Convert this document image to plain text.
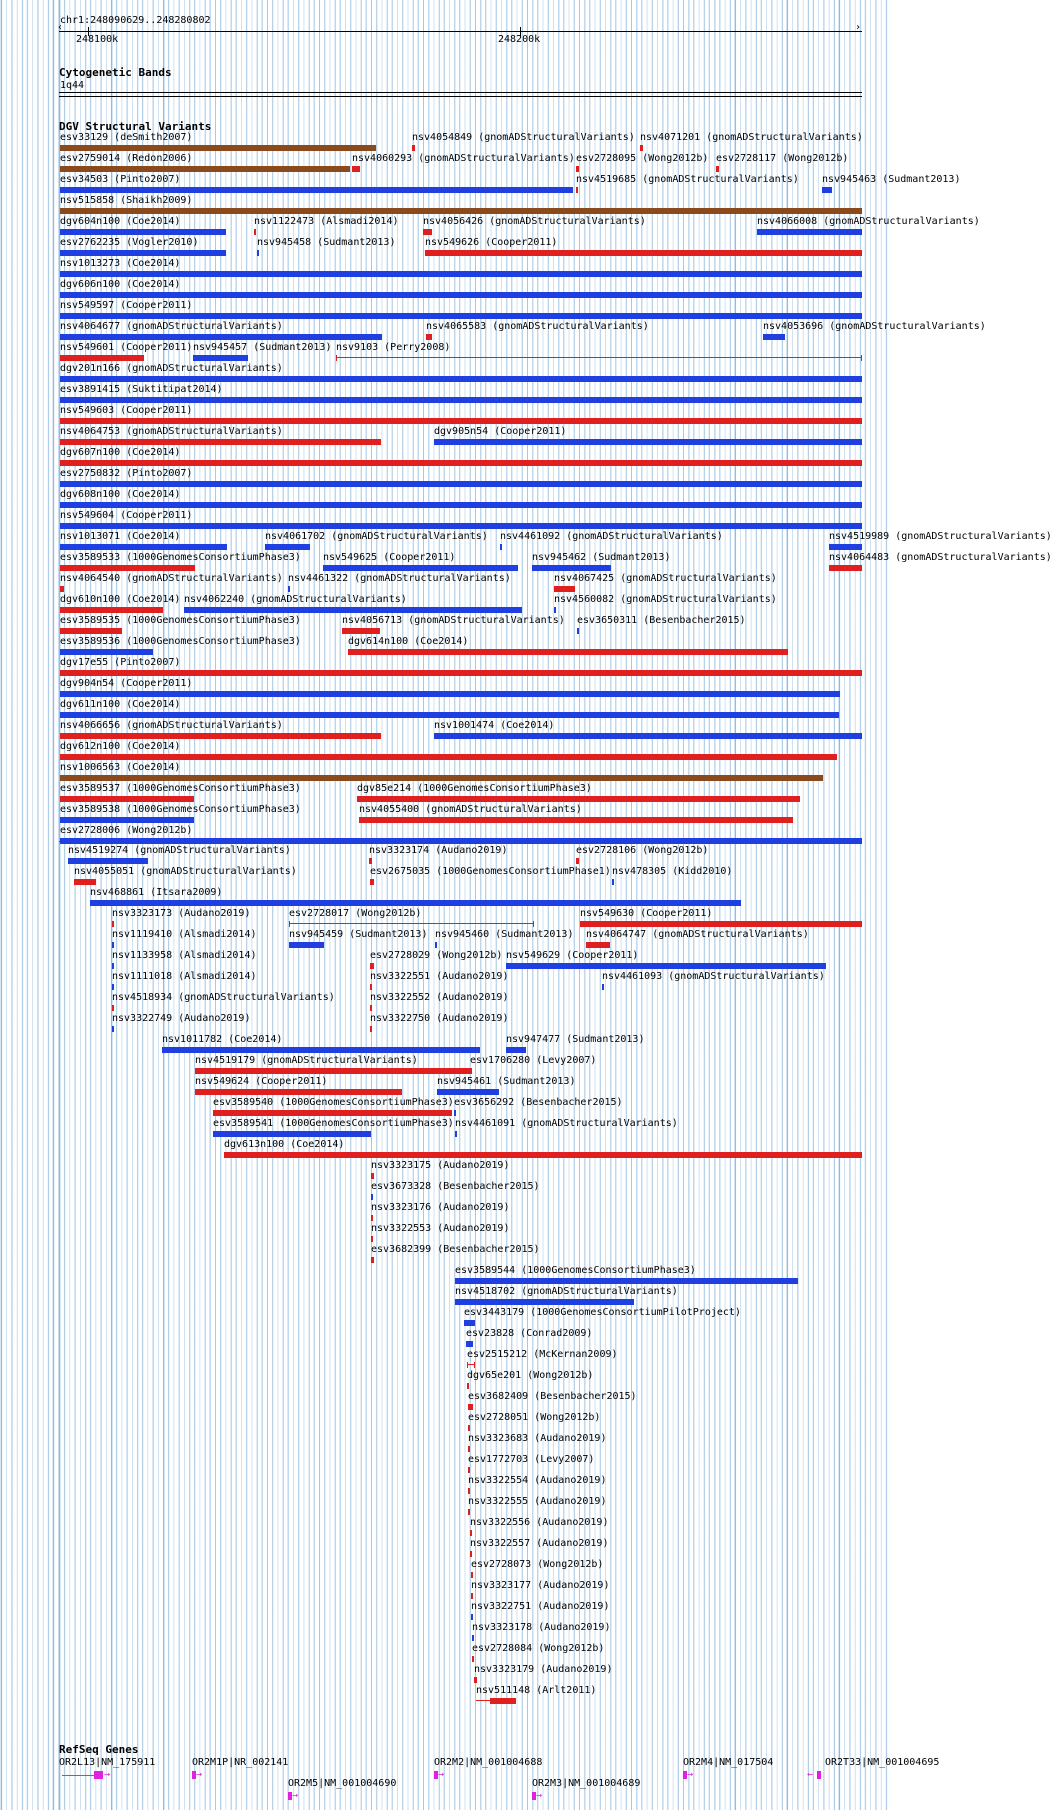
chr1:248090629..248280802
248100k	248200k
‹	›
Cytogenetic Bands
1q44
DGV Structural Variants
esv33129 (deSmith2007)	nsv4054849 (gnomADStructuralVariants) nsv4071201 (gnomADStructuralVariants)
esv2759014 (Redon2006)	nsv4060293 (gnomADStructuralVariants) esv2728095 (Wong2012b) esv2728117 (Wong2012b)
esv34503 (Pinto2007)	nsv4519685 (gnomADStructuralVariants) nsv945463 (Sudmant2013)
nsv515858 (Shaikh2009)
dgv604n100 (Coe2014)	nsv1122473 (Alsmadi2014) nsv4056426 (gnomADStructuralVariants)	nsv4066008 (gnomADStructuralVariants)
esv2762235 (Vogler2010)	nsv945458 (Sudmant2013)	nsv549626 (Cooper2011)
nsv1013273 (Coe2014)
dgv606n100 (Coe2014)
nsv549597 (Cooper2011)
nsv4064677 (gnomADStructuralVariants)	nsv4065583 (gnomADStructuralVariants)	nsv4053696 (gnomADStructuralVariants)
nsv549601 (Cooper2011) nsv945457 (Sudmant2013) nsv9103 (Perry2008)
dgv201n166 (gnomADStructuralVariants)
esv3891415 (Suktitipat2014)
nsv549603 (Cooper2011)
nsv4064753 (gnomADStructuralVariants)	dgv905n54 (Cooper2011)
dgv607n100 (Coe2014)
esv2750832 (Pinto2007)
dgv608n100 (Coe2014)
nsv549604 (Cooper2011)
nsv1013071 (Coe2014)	nsv4061702 (gnomADStructuralVariants) nsv4461092 (gnomADStructuralVariants)	nsv4519989 (gnomADStructuralVariants)
esv3589533 (1000GenomesConsortiumPhase3) nsv549625 (Cooper2011)	nsv945462 (Sudmant2013)	nsv4064483 (gnomADStructuralVariants)
nsv4064540 (gnomADStructuralVariants) nsv4461322 (gnomADStructuralVariants)	nsv4067425 (gnomADStructuralVariants)
dgv610n100 (Coe2014) nsv4062240 (gnomADStructuralVariants)	nsv4560082 (gnomADStructuralVariants)
esv3589535 (1000GenomesConsortiumPhase3)	nsv4056713 (gnomADStructuralVariants) esv3650311 (Besenbacher2015)
esv3589536 (1000GenomesConsortiumPhase3)	dgv614n100 (Coe2014)
dgv17e55 (Pinto2007)
dgv904n54 (Cooper2011)
dgv611n100 (Coe2014)
nsv4066656 (gnomADStructuralVariants)	nsv1001474 (Coe2014)
dgv612n100 (Coe2014)
nsv1006563 (Coe2014)
esv3589537 (1000GenomesConsortiumPhase3)	dgv85e214 (1000GenomesConsortiumPhase3)
esv3589538 (1000GenomesConsortiumPhase3)	nsv4055400 (gnomADStructuralVariants)
esv2728006 (Wong2012b)
nsv4519274 (gnomADStructuralVariants)	nsv3323174 (Audano2019)	esv2728106 (Wong2012b)
nsv4055051 (gnomADStructuralVariants)	esv2675035 (1000GenomesConsortiumPhase1) nsv478305 (Kidd2010)
nsv468861 (Itsara2009)
nsv3323173 (Audano2019)	esv2728017 (Wong2012b)	nsv549630 (Cooper2011)
nsv1119410 (Alsmadi2014)	nsv945459 (Sudmant2013) nsv945460 (Sudmant2013) nsv4064747 (gnomADStructuralVariants)
nsv1133958 (Alsmadi2014)	esv2728029 (Wong2012b) nsv549629 (Cooper2011)
nsv1111018 (Alsmadi2014)	nsv3322551 (Audano2019)	nsv4461093 (gnomADStructuralVariants)
nsv4518934 (gnomADStructuralVariants)	nsv3322552 (Audano2019)
nsv3322749 (Audano2019)	nsv3322750 (Audano2019)
nsv1011782 (Coe2014)	nsv947477 (Sudmant2013)
nsv4519179 (gnomADStructuralVariants)	esv1706280 (Levy2007)
nsv549624 (Cooper2011)	nsv945461 (Sudmant2013)
esv3589540 (1000GenomesConsortiumPhase3) esv3656292 (Besenbacher2015)
esv3589541 (1000GenomesConsortiumPhase3) nsv4461091 (gnomADStructuralVariants)
dgv613n100 (Coe2014)
nsv3323175 (Audano2019)
esv3673328 (Besenbacher2015)
nsv3323176 (Audano2019)
nsv3322553 (Audano2019)
esv3682399 (Besenbacher2015)
esv3589544 (1000GenomesConsortiumPhase3)
nsv4518702 (gnomADStructuralVariants)
esv3443179 (1000GenomesConsortiumPilotProject)
esv23828 (Conrad2009)
esv2515212 (McKernan2009)
dgv65e201 (Wong2012b)
esv3682409 (Besenbacher2015)
esv2728051 (Wong2012b)
nsv3323683 (Audano2019)
esv1772703 (Levy2007)
nsv3322554 (Audano2019)
nsv3322555 (Audano2019)
nsv3322556 (Audano2019)
nsv3322557 (Audano2019)
esv2728073 (Wong2012b)
nsv3323177 (Audano2019)
nsv3322751 (Audano2019)
nsv3323178 (Audano2019)
esv2728084 (Wong2012b)
nsv3323179 (Audano2019)
nsv511148 (Arlt2011)
RefSeq Genes
OR2L13|NM_175911
→
OR2M1P|NR_002141
→
OR2M2|NM_001004688
→
OR2M4|NM_017504
→
OR2T33|NM_001004695
←
OR2M5|NM_001004690
→
OR2M3|NM_001004689
→
